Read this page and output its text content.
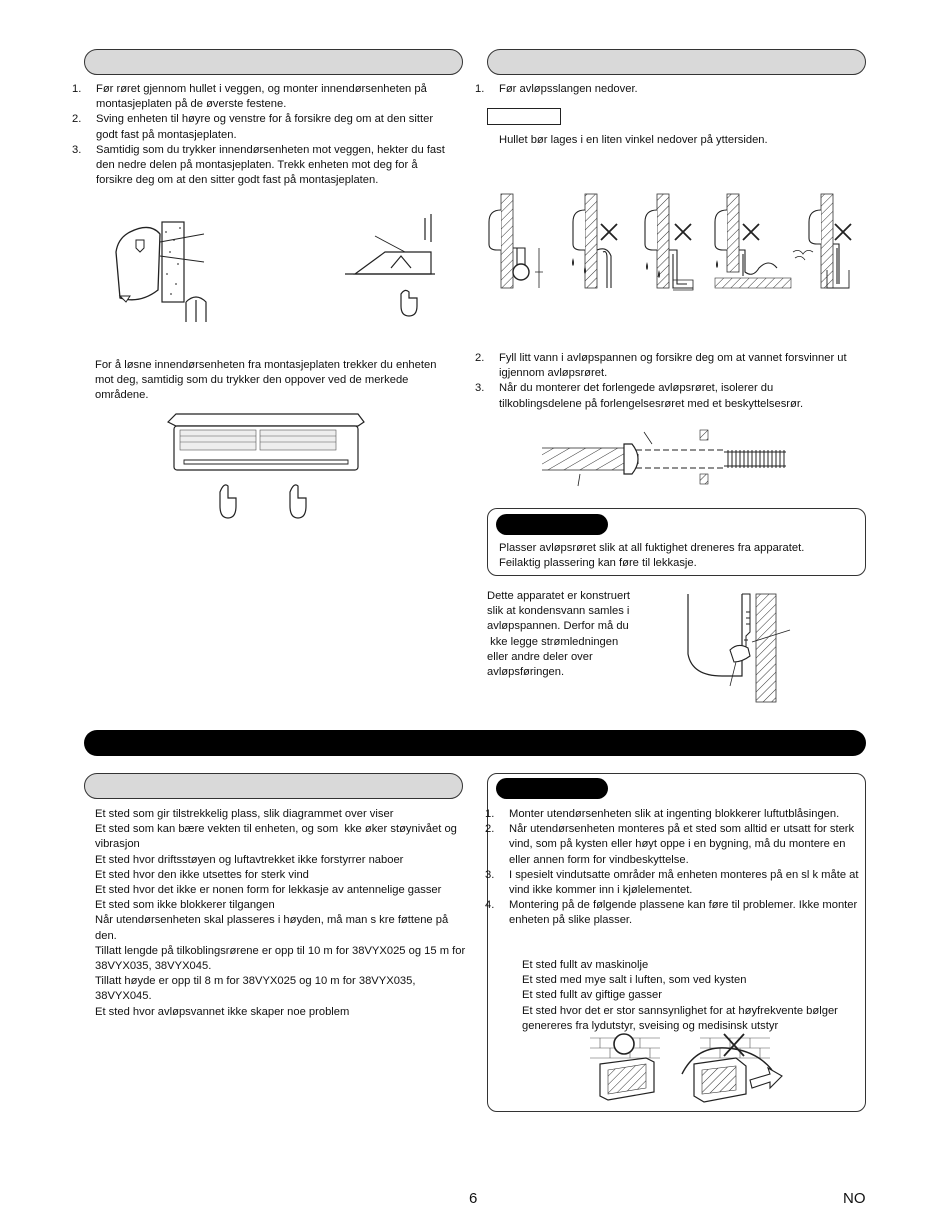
1. Før røret gjennom hullet i veggen, og monter innendørsenheten på montasjeplaten på de øverste festene.
2. Sving enheten til høyre og venstre for å forsikre deg om at den sitter godt fast på montasjeplaten.
3. Samtidig som du trykker innendørsenheten mot veggen, hekter du fast den nedre delen på montasjeplaten. Trekk enheten mot deg for å forsikre deg om at den sitter godt fast på montasjeplaten.

For å løsne innendørsenheten fra montasjeplaten trekker du enheten mot deg, samtidig som du trykker den oppover ved de merkede områdene.

1. Før avløpsslangen nedover.
Hullet bør lages i en liten vinkel nedover på yttersiden.
2. Fyll litt vann i avløpspannen og forsikre deg om at vannet forsvinner ut igjennom avløpsrøret.
3. Når du monterer det forlengede avløpsrøret, isolerer du tilkoblingsdelene på forlengelsesrøret med et beskyttelsesrør.
Plasser avløpsrøret slik at all fuktighet dreneres fra apparatet.
Feilaktig plassering kan føre til lekkasje.
Dette apparatet er konstruert
slik at kondensvann samles i
avløpspannen. Derfor må du
kke legge strømledningen
eller andre deler over
avløpsføringen.

Et sted som gir tilstrekkelig plass, slik diagrammet over viser

Et sted som kan bære vekten til enheten, og som  kke øker støynivået og vibrasjon

Et sted hvor driftsstøyen og luftavtrekket ikke forstyrrer naboer

Et sted hvor den ikke utsettes for sterk vind

Et sted hvor det ikke er nonen form for lekkasje av antennelige gasser

Et sted som ikke blokkerer tilgangen

Når utendørsenheten skal plasseres i høyden, må man s kre føttene på den.

Tillatt lengde på tilkoblingsrørene er opp til 10 m for 38VYX025 og 15 m for 38VYX035, 38VYX045.

Tillatt høyde er opp til 8 m for 38VYX025 og 10 m for 38VYX035, 38VYX045.

Et sted hvor avløpsvannet ikke skaper noe problem

1. Monter utendørsenheten slik at ingenting blokkerer luftutblåsingen.
2. Når utendørsenheten monteres på et sted som alltid er utsatt for sterk vind, som på kysten eller høyt oppe i en bygning, må du montere en eller annen form for vindbeskyttelse.
3. I spesielt vindutsatte områder må enheten monteres på en sl k måte at vind ikke kommer inn i kjølelementet.
4. Montering på de følgende plassene kan føre til problemer. Ikke monter enheten på slike plasser.
Et sted fullt av maskinolje
Et sted med mye salt i luften, som ved kysten
Et sted fullt av giftige gasser
Et sted hvor det er stor sannsynlighet for at høyfrekvente bølger genereres fra lydutstyr, sveising og medisinsk utstyr
6	NO
